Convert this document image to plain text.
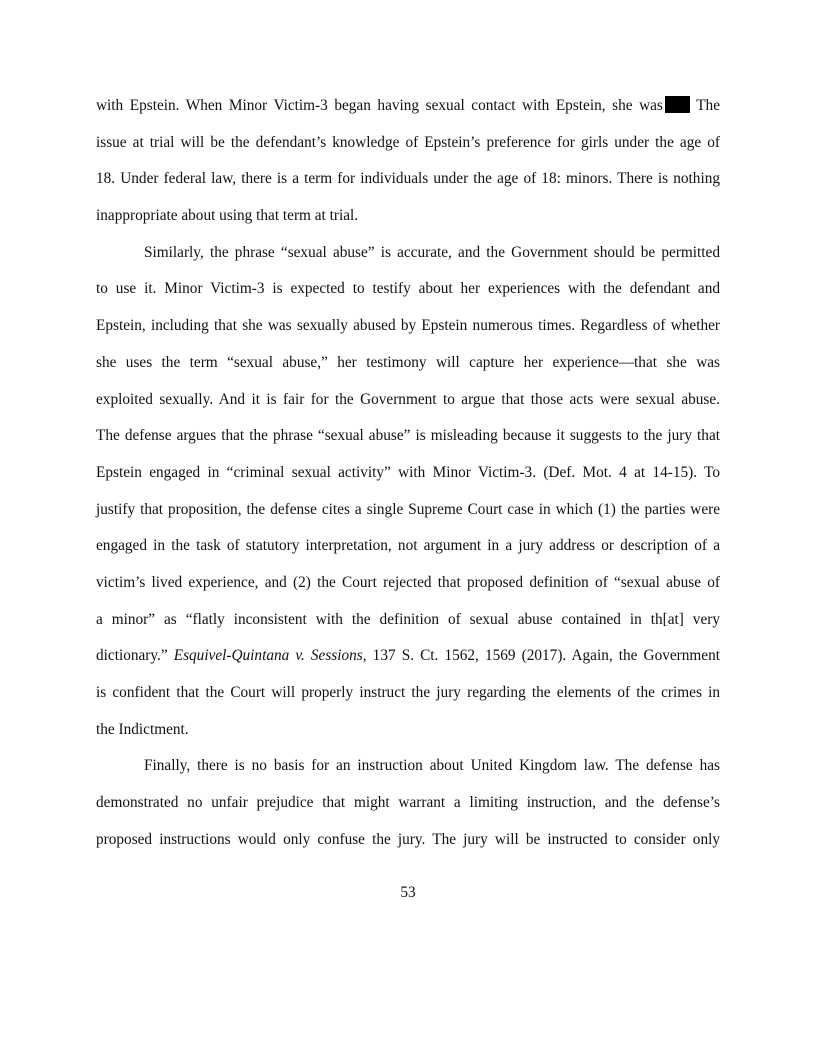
with Epstein. When Minor Victim-3 began having sexual contact with Epstein, she was The
issue at trial will be the defendant’s knowledge of Epstein’s preference for girls under the age of
18. Under federal law, there is a term for individuals under the age of 18: minors. There is nothing
inappropriate about using that term at trial.
Similarly, the phrase “sexual abuse” is accurate, and the Government should be permitted
to use it. Minor Victim-3 is expected to testify about her experiences with the defendant and
Epstein, including that she was sexually abused by Epstein numerous times. Regardless of whether
she uses the term “sexual abuse,” her testimony will capture her experience—that she was
exploited sexually. And it is fair for the Government to argue that those acts were sexual abuse.
The defense argues that the phrase “sexual abuse” is misleading because it suggests to the jury that
Epstein engaged in “criminal sexual activity” with Minor Victim-3. (Def. Mot. 4 at 14-15). To
justify that proposition, the defense cites a single Supreme Court case in which (1) the parties were
engaged in the task of statutory interpretation, not argument in a jury address or description of a
victim’s lived experience, and (2) the Court rejected that proposed definition of “sexual abuse of
a minor” as “flatly inconsistent with the definition of sexual abuse contained in th[at] very
dictionary.” Esquivel-Quintana v. Sessions, 137 S. Ct. 1562, 1569 (2017). Again, the Government
is confident that the Court will properly instruct the jury regarding the elements of the crimes in
the Indictment.
Finally, there is no basis for an instruction about United Kingdom law. The defense has
demonstrated no unfair prejudice that might warrant a limiting instruction, and the defense’s
proposed instructions would only confuse the jury. The jury will be instructed to consider only
53
